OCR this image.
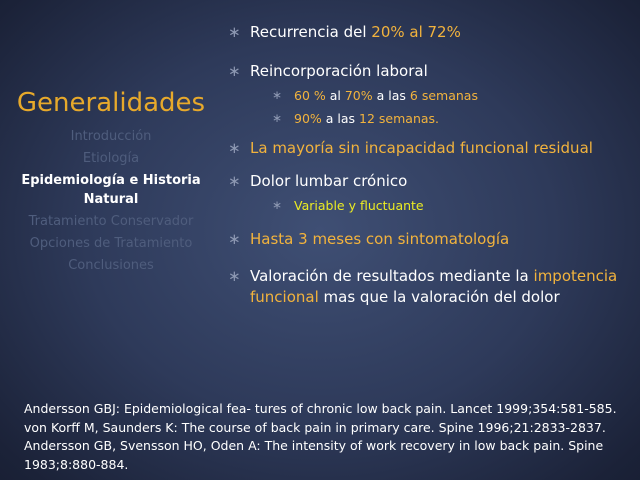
Generalidades
Introducción
Etiología
Epidemiología e Historia Natural
Tratamiento Conservador
Opciones de Tratamiento
Conclusiones
∗ Recurrencia del 20% al 72%
∗ Reincorporación laboral
∗ 60 % al 70% a las 6 semanas
∗ 90% a las 12 semanas.
∗ La mayoría sin incapacidad funcional residual
∗ Dolor lumbar crónico
∗ Variable y fluctuante
∗ Hasta 3 meses con sintomatología
∗ Valoración de resultados mediante la impotencia funcional mas que la valoración del dolor
Andersson GBJ: Epidemiological fea- tures of chronic low back pain. Lancet 1999;354:581-585. von Korff M, Saunders K: The course of back pain in primary care. Spine 1996;21:2833-2837. Andersson GB, Svensson HO, Oden A: The intensity of work recovery in low back pain. Spine 1983;8:880-884.
